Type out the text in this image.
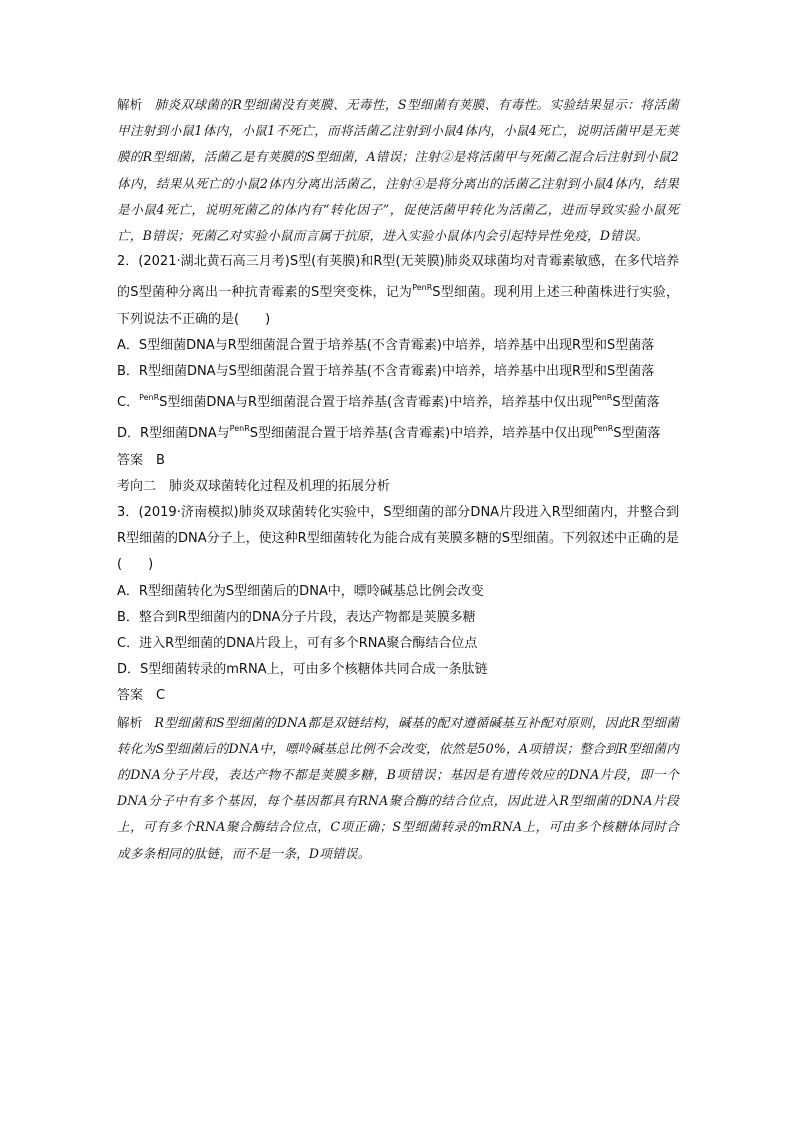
解析 肺炎双球菌的R型细菌没有荚膜、无毒性，S型细菌有荚膜、有毒性。实验结果显示：将活菌甲注射到小鼠1体内，小鼠1不死亡，而将活菌乙注射到小鼠4体内，小鼠4死亡，说明活菌甲是无荚膜的R型细菌，活菌乙是有荚膜的S型细菌，A错误；注射②是将活菌甲与死菌乙混合后注射到小鼠2体内，结果从死亡的小鼠2体内分离出活菌乙，注射④是将分离出的活菌乙注射到小鼠4体内，结果是小鼠4死亡，说明死菌乙的体内有“转化因子”，促使活菌甲转化为活菌乙，进而导致实验小鼠死亡，B错误；死菌乙对实验小鼠而言属于抗原，进入实验小鼠体内会引起特异性免疫，D错误。

2．(2021·湖北黄石高三月考)S型(有荚膜)和R型(无荚膜)肺炎双球菌均对青霉素敏感，在多代培养的S型菌种分离出一种抗青霉素的S型突变株，记为$^{PenR}$S型细菌。现利用上述三种菌株进行实验，下列说法不正确的是(　　)

A．S型细菌DNA与R型细菌混合置于培养基(不含青霉素)中培养，培养基中出现R型和S型菌落

B．R型细菌DNA与S型细菌混合置于培养基(不含青霉素)中培养，培养基中出现R型和S型菌落

C．$^{PenR}$S型细菌DNA与R型细菌混合置于培养基(含青霉素)中培养，培养基中仅出现$^{PenR}$S型菌落

D．R型细菌DNA与$^{PenR}$S型细菌混合置于培养基(含青霉素)中培养，培养基中仅出现$^{PenR}$S型菌落

答案　B

考向二　肺炎双球菌转化过程及机理的拓展分析

3．(2019·济南模拟)肺炎双球菌转化实验中，S型细菌的部分DNA片段进入R型细菌内，并整合到R型细菌的DNA分子上，使这种R型细菌转化为能合成有荚膜多糖的S型细菌。下列叙述中正确的是(　　)

A．R型细菌转化为S型细菌后的DNA中，嘌呤碱基总比例会改变

B．整合到R型细菌内的DNA分子片段，表达产物都是荚膜多糖

C．进入R型细菌的DNA片段上，可有多个RNA聚合酶结合位点

D．S型细菌转录的mRNA上，可由多个核糖体共同合成一条肽链

答案　C

解析 R型细菌和S型细菌的DNA都是双链结构，碱基的配对遵循碱基互补配对原则，因此R型细菌转化为S型细菌后的DNA中，嘌呤碱基总比例不会改变，依然是50%，A项错误；整合到R型细菌内的DNA分子片段，表达产物不都是荚膜多糖，B项错误；基因是有遗传效应的DNA片段，即一个DNA分子中有多个基因，每个基因都具有RNA聚合酶的结合位点，因此进入R型细菌的DNA片段上，可有多个RNA聚合酶结合位点，C项正确；S型细菌转录的mRNA上，可由多个核糖体同时合成多条相同的肽链，而不是一条，D项错误。
